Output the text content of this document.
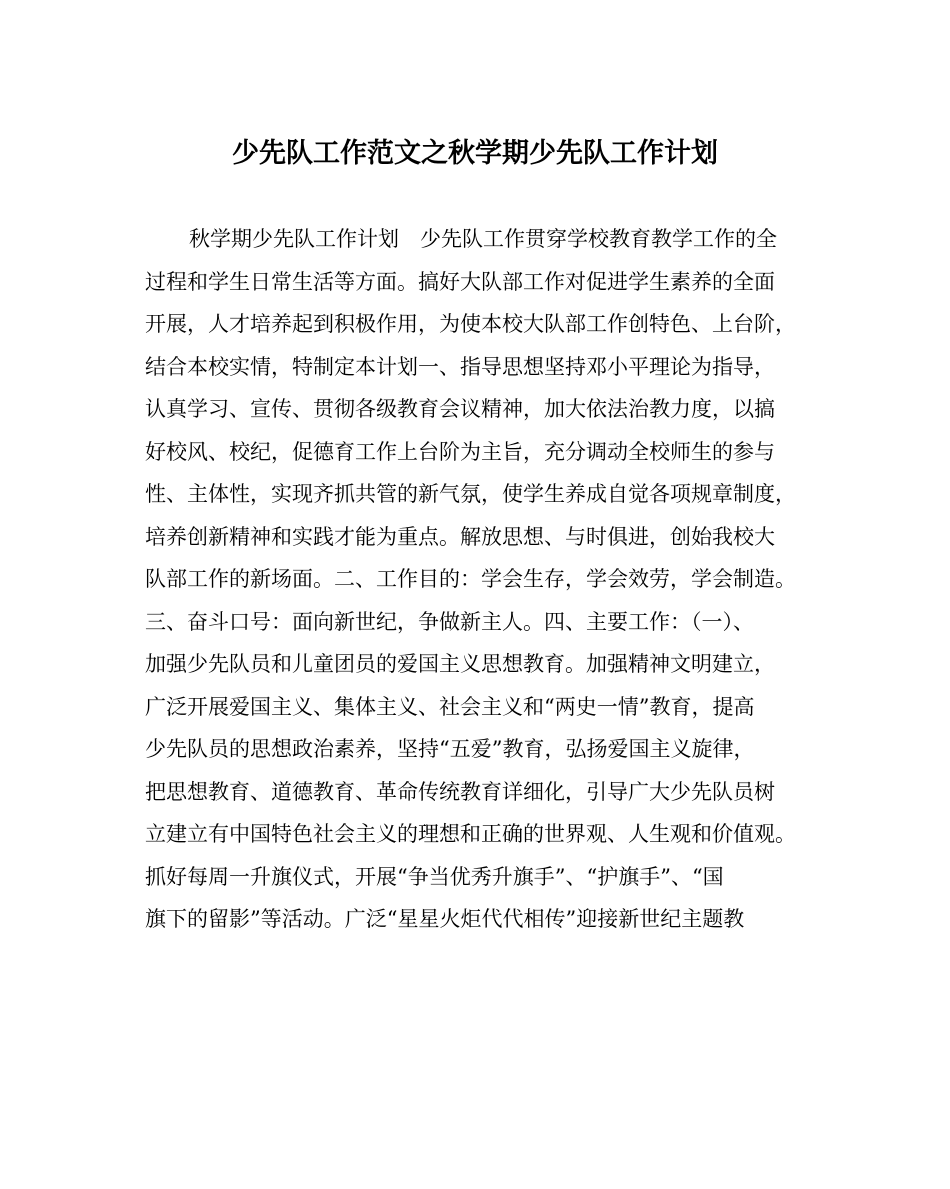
少先队工作范文之秋学期少先队工作计划
秋学期少先队工作计划　少先队工作贯穿学校教育教学工作的全
过程和学生日常生活等方面。搞好大队部工作对促进学生素养的全面
开展，人才培养起到积极作用，为使本校大队部工作创特色、上台阶，
结合本校实情，特制定本计划一、指导思想坚持邓小平理论为指导，
认真学习、宣传、贯彻各级教育会议精神，加大依法治教力度，以搞
好校风、校纪，促德育工作上台阶为主旨，充分调动全校师生的参与
性、主体性，实现齐抓共管的新气氛，使学生养成自觉各项规章制度，
培养创新精神和实践才能为重点。解放思想、与时俱进，创始我校大
队部工作的新场面。二、工作目的：学会生存，学会效劳，学会制造。
三、奋斗口号：面向新世纪，争做新主人。四、主要工作：（一）、
加强少先队员和儿童团员的爱国主义思想教育。加强精神文明建立，
广泛开展爱国主义、集体主义、社会主义和“两史一情”教育，提高
少先队员的思想政治素养，坚持“五爱”教育，弘扬爱国主义旋律，
把思想教育、道德教育、革命传统教育详细化，引导广大少先队员树
立建立有中国特色社会主义的理想和正确的世界观、人生观和价值观。
抓好每周一升旗仪式，开展“争当优秀升旗手”、“护旗手”、“国
旗下的留影”等活动。广泛“星星火炬代代相传”迎接新世纪主题教
